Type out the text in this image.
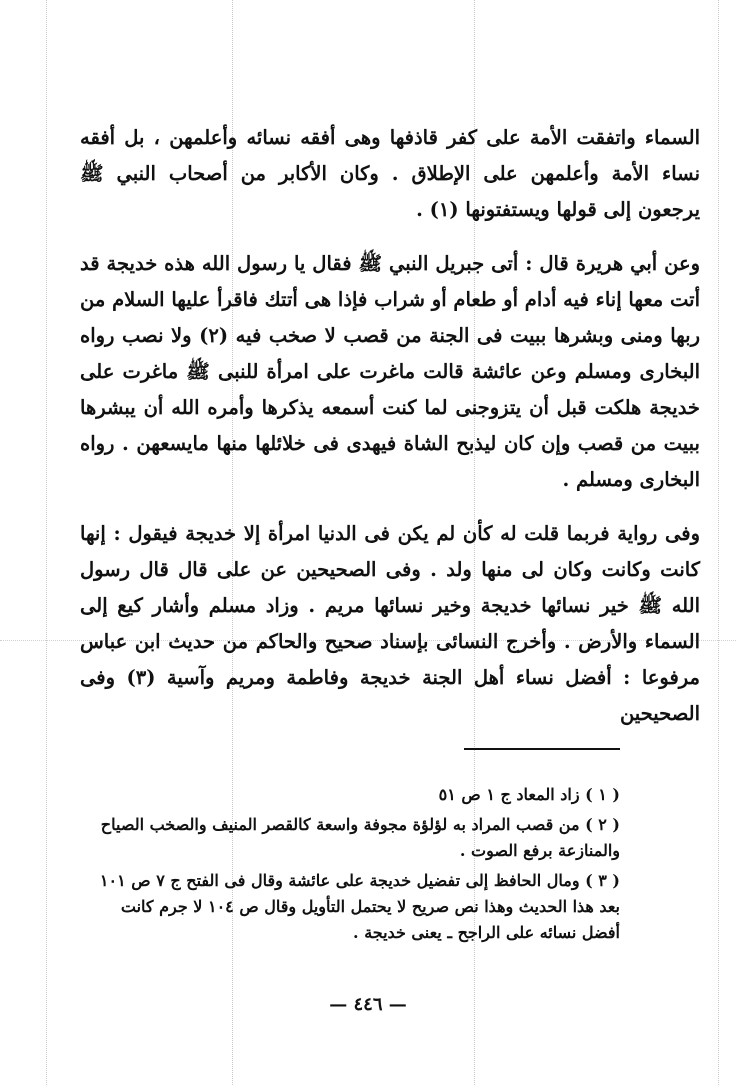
السماء واتفقت الأمة على كفر قاذفها وهى أفقه نسائه وأعلمهن ، بل أفقه نساء الأمة وأعلمهن على الإطلاق . وكان الأكابر من أصحاب النبي ﷺ يرجعون إلى قولها ويستفتونها (١) .

وعن أبي هريرة قال : أتى جبريل النبي ﷺ فقال يا رسول الله هذه خديجة قد أتت معها إناء فيه أدام أو طعام أو شراب فإذا هى أتتك فاقرأ عليها السلام من ربها ومنى وبشرها ببيت فى الجنة من قصب لا صخب فيه (٢) ولا نصب رواه البخارى ومسلم وعن عائشة قالت ماغرت على امرأة للنبى ﷺ ماغرت على خديجة هلكت قبل أن يتزوجنى لما كنت أسمعه يذكرها وأمره الله أن يبشرها ببيت من قصب وإن كان ليذبح الشاة فيهدى فى خلائلها منها مايسعهن . رواه البخارى ومسلم .

وفى رواية فربما قلت له كأن لم يكن فى الدنيا امرأة إلا خديجة فيقول : إنها كانت وكانت وكان لى منها ولد . وفى الصحيحين عن على قال قال رسول الله ﷺ خير نسائها خديجة وخير نسائها مريم . وزاد مسلم وأشار كيع إلى السماء والأرض . وأخرج النسائى بإسناد صحيح والحاكم من حديث ابن عباس مرفوعا : أفضل نساء أهل الجنة خديجة وفاطمة ومريم وآسية (٣) وفى الصحيحين

( ١ ) زاد المعاد ج ١ ص ٥١
( ٢ ) من قصب المراد به لؤلؤة مجوفة واسعة كالقصر المنيف والصخب الصياح والمنازعة برفع الصوت .
( ٣ ) ومال الحافظ إلى تفضيل خديجة على عائشة وقال فى الفتح ج ٧ ص ١٠١ بعد هذا الحديث وهذا نص صريح لا يحتمل التأويل وقال ص ١٠٤ لا جرم كانت أفضل نسائه على الراجح ـ يعنى خديجة .
— ٤٤٦ —
